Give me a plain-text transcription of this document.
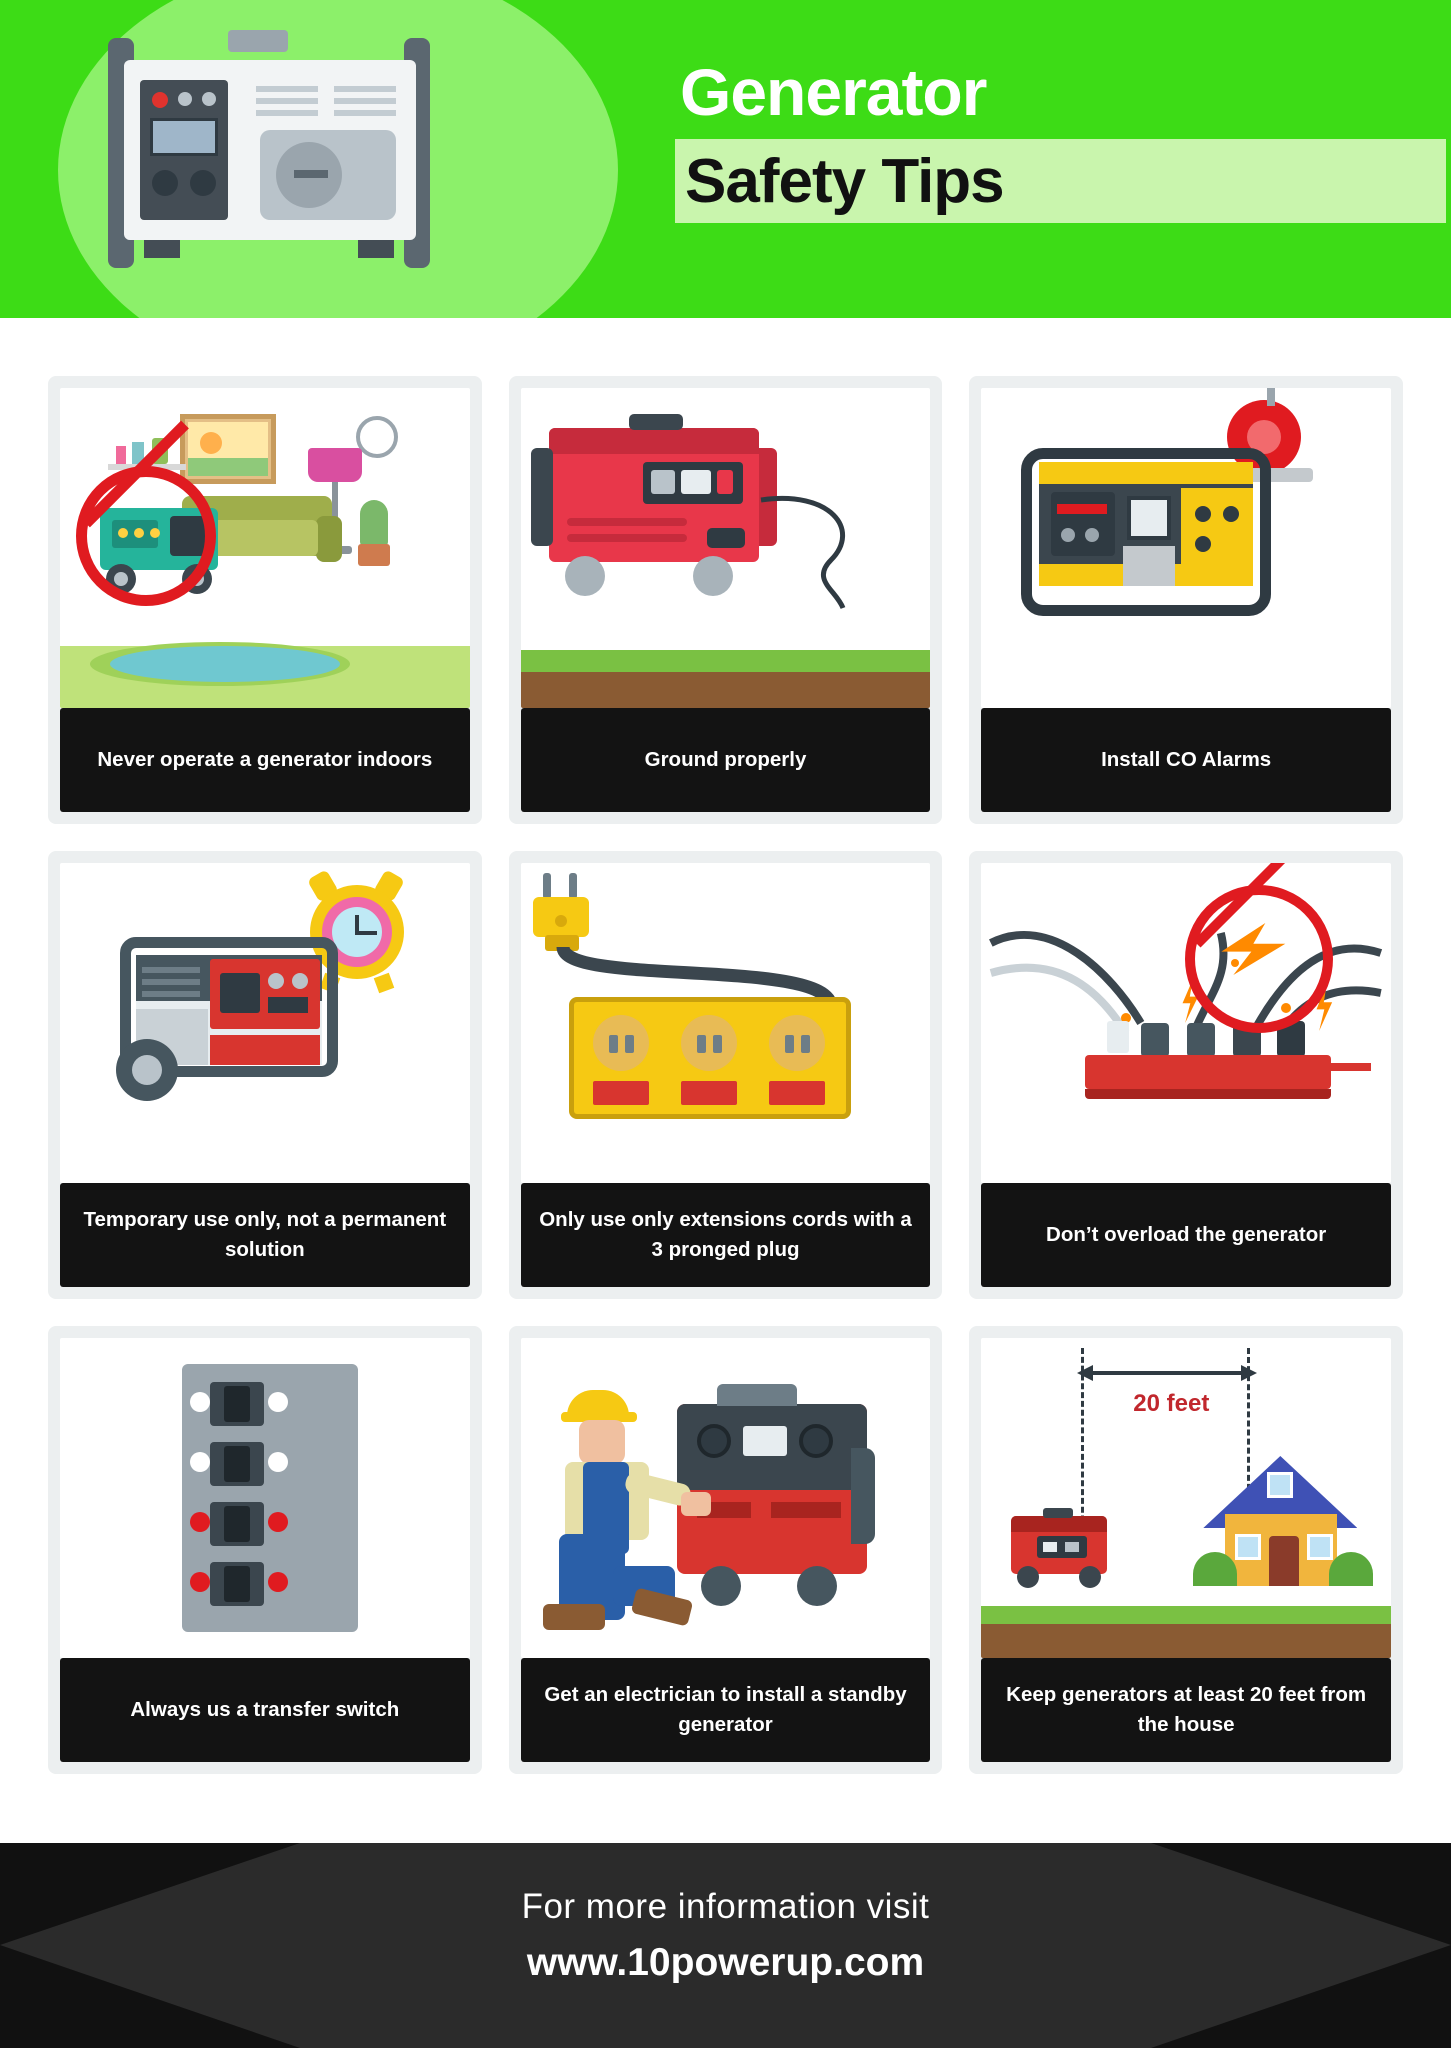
Generator
Safety Tips
Never operate a generator indoors	Ground properly	Install CO Alarms
Temporary use only, not a permanent solution
Only use only extensions cords with a 3 pronged plug
Don’t overload the generator
Always us a transfer switch
Get an electrician to install a standby generator
20 feet
Keep generators at least 20 feet from the house
For more information visit
www.10powerup.com
